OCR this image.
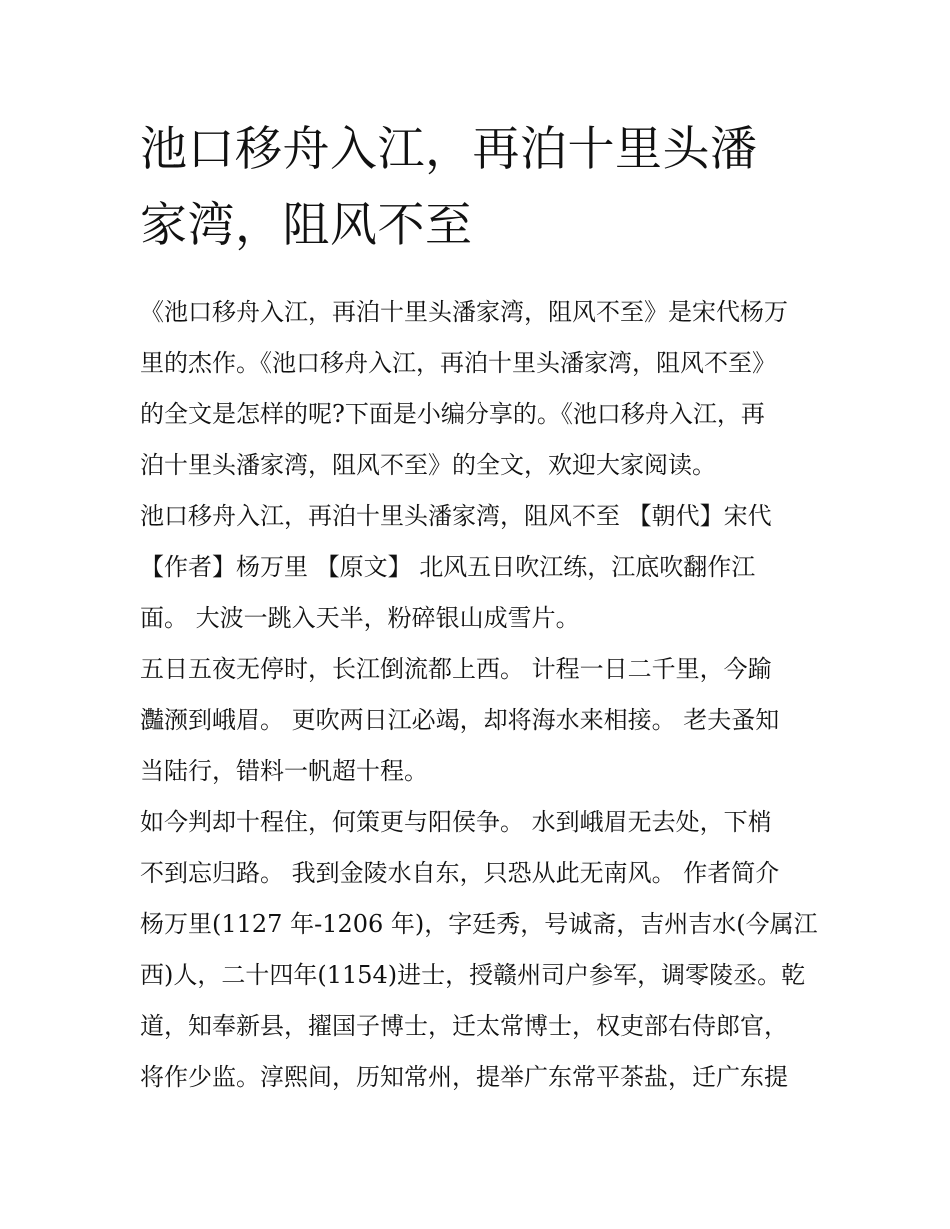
池口移舟入江，再泊十里头潘
家湾，阻风不至

《池口移舟入江，再泊十里头潘家湾，阻风不至》是宋代杨万
里的杰作。《池口移舟入江，再泊十里头潘家湾，阻风不至》
的全文是怎样的呢?下面是小编分享的。《池口移舟入江，再
泊十里头潘家湾，阻风不至》的全文，欢迎大家阅读。

池口移舟入江，再泊十里头潘家湾，阻风不至 【朝代】宋代
【作者】杨万里 【原文】 北风五日吹江练，江底吹翻作江
面。 大波一跳入天半，粉碎银山成雪片。

五日五夜无停时，长江倒流都上西。 计程一日二千里，今踰
灎滪到峨眉。 更吹两日江必竭，却将海水来相接。 老夫蚤知
当陆行，错料一帆超十程。

如今判却十程住，何策更与阳侯争。 水到峨眉无去处，下梢
不到忘归路。 我到金陵水自东，只恐从此无南风。 作者简介
杨万里(1127 年-1206 年)，字廷秀，号诚斋，吉州吉水(今属江
西)人，二十四年(1154)进士，授赣州司户参军，调零陵丞。乾
道，知奉新县，擢国子博士，迁太常博士，权吏部右侍郎官，
将作少监。淳熙间，历知常州，提举广东常平茶盐，迁广东提
